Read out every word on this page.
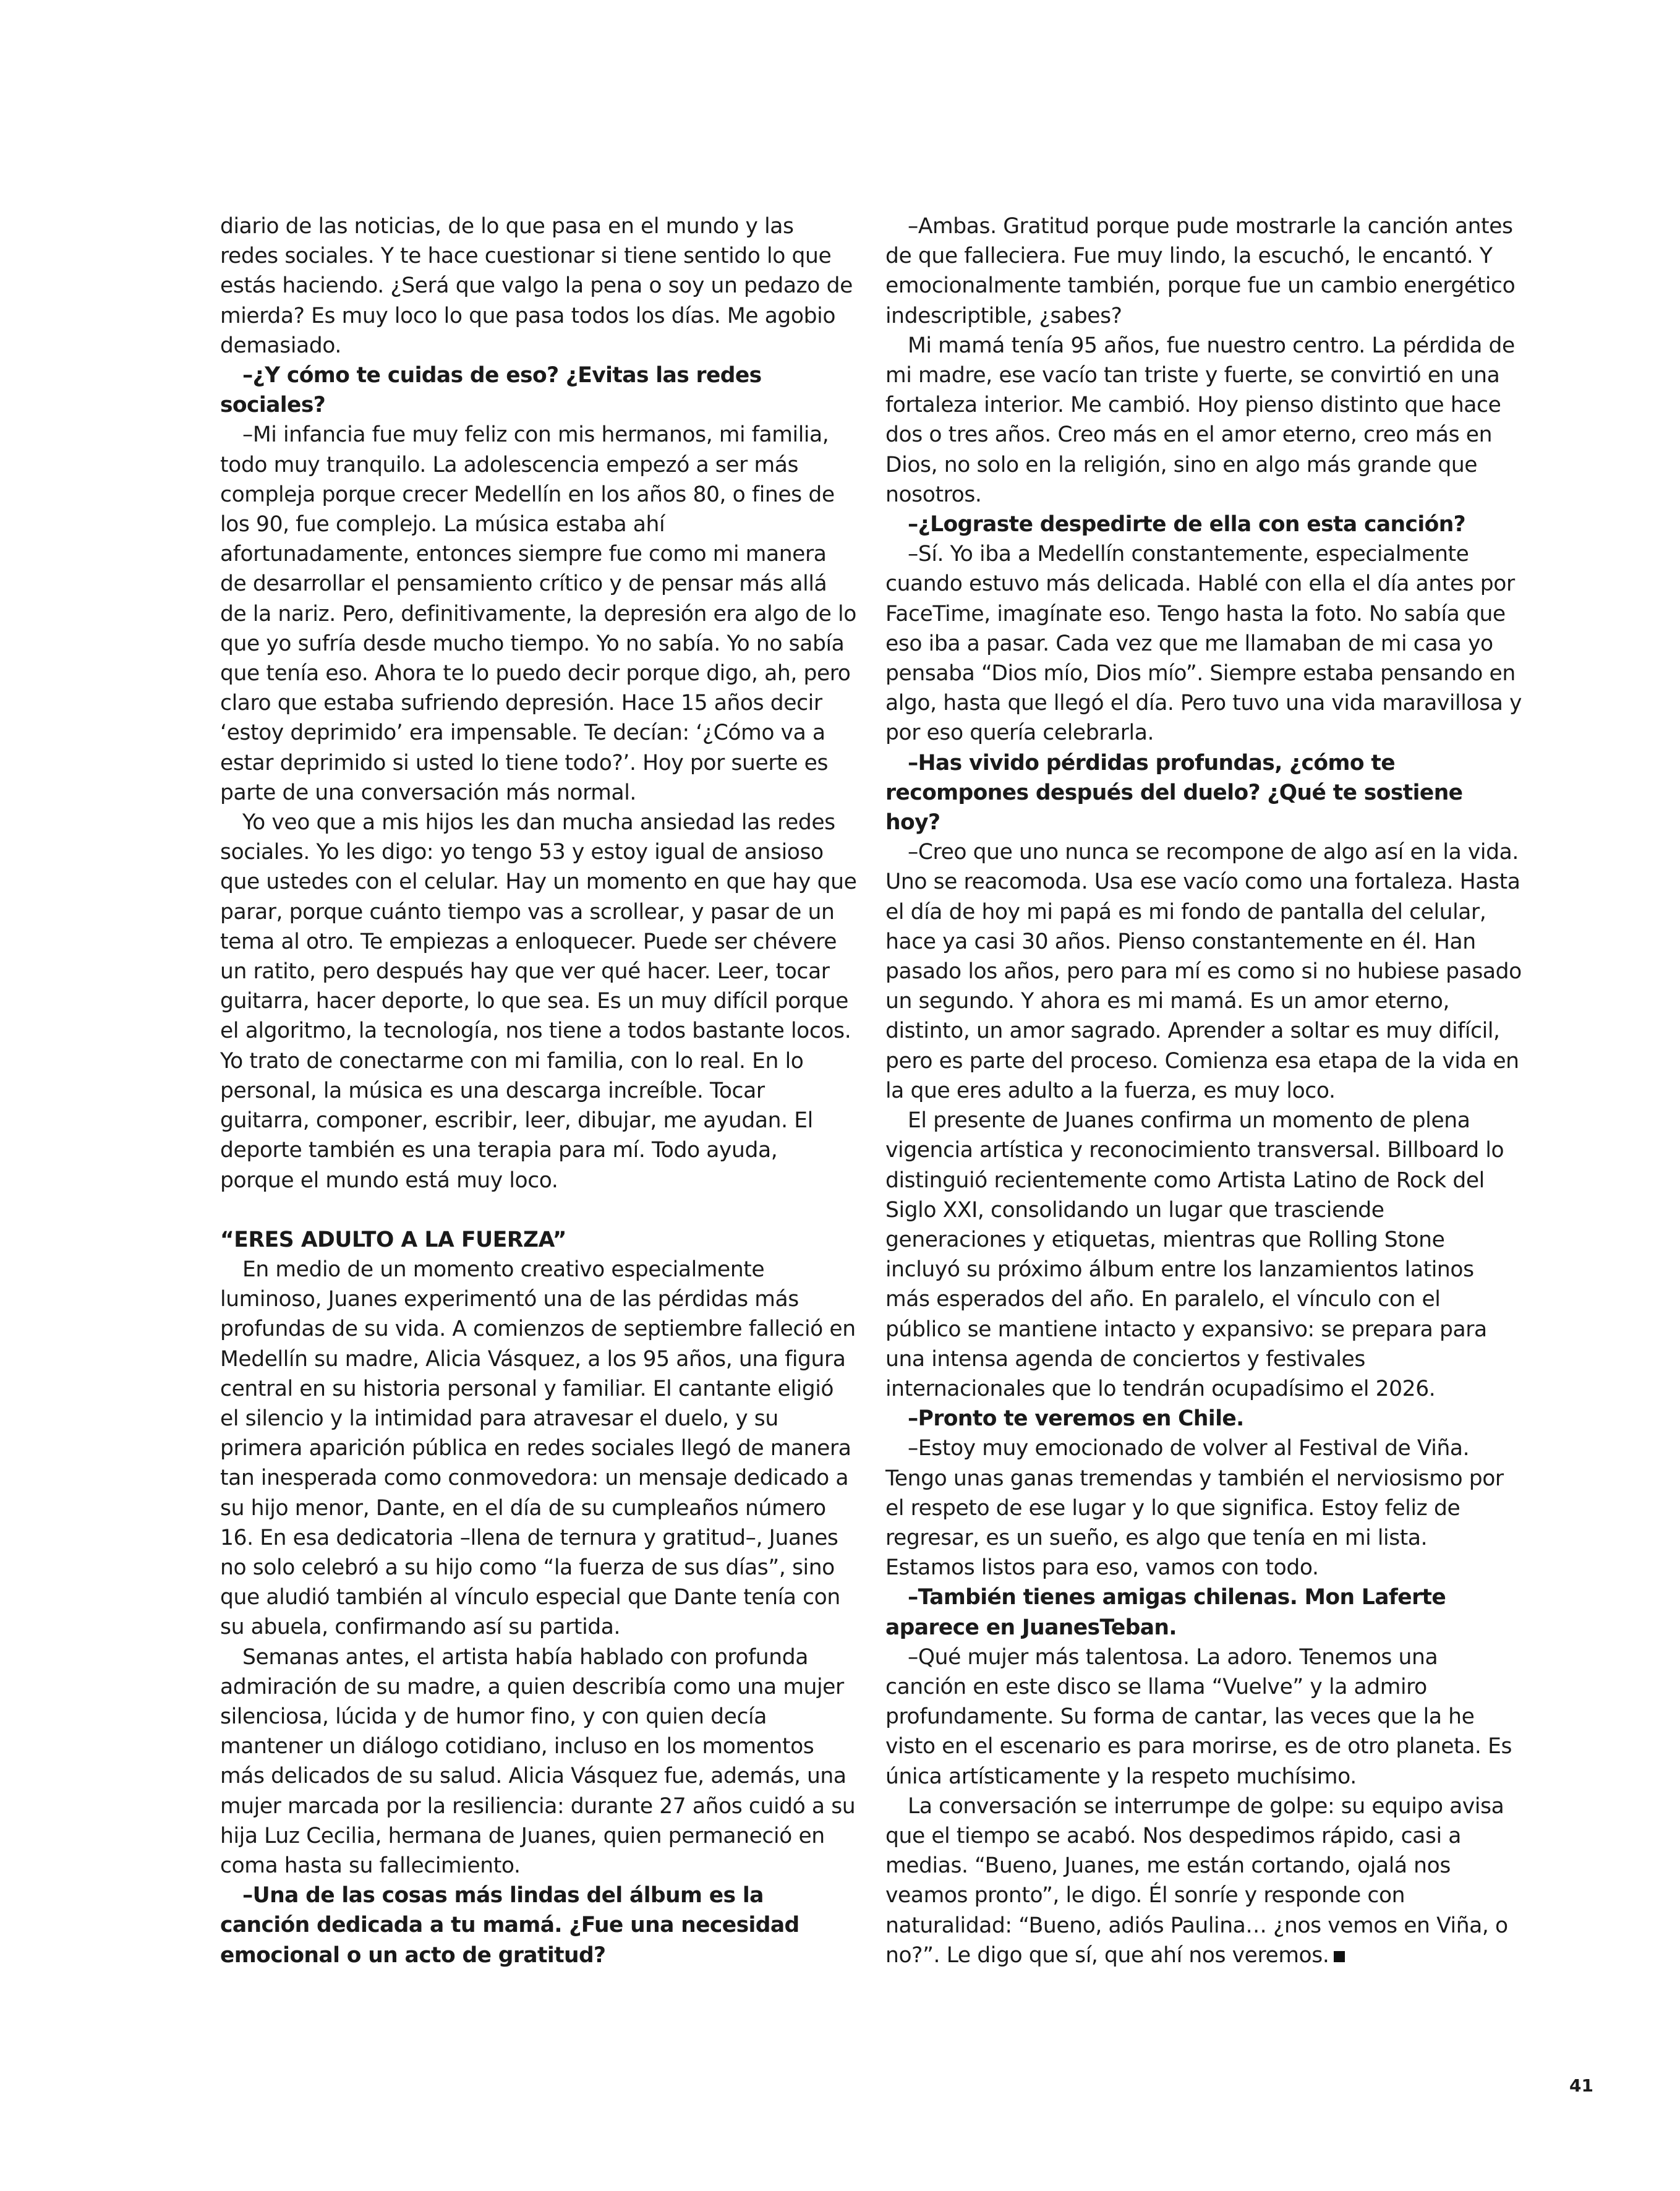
diario de las noticias, de lo que pasa en el mundo y las redes sociales. Y te hace cuestionar si tiene sentido lo que estás haciendo. ¿Será que valgo la pena o soy un pedazo de mierda? Es muy loco lo que pasa todos los días. Me agobio demasiado.

–¿Y cómo te cuidas de eso? ¿Evitas las redes sociales?

–Mi infancia fue muy feliz con mis hermanos, mi familia, todo muy tranquilo. La adolescencia empezó a ser más compleja porque crecer Medellín en los años 80, o fines de los 90, fue complejo. La música estaba ahí afortunadamente, entonces siempre fue como mi manera de desarrollar el pensamiento crítico y de pensar más allá de la nariz. Pero, definitivamente, la depresión era algo de lo que yo sufría desde mucho tiempo. Yo no sabía. Yo no sabía que tenía eso. Ahora te lo puedo decir porque digo, ah, pero claro que estaba sufriendo depresión. Hace 15 años decir ‘estoy deprimido’ era impensable. Te decían: ‘¿Cómo va a estar deprimido si usted lo tiene todo?’. Hoy por suerte es parte de una conversación más normal.

Yo veo que a mis hijos les dan mucha ansiedad las redes sociales. Yo les digo: yo tengo 53 y estoy igual de ansioso que ustedes con el celular. Hay un momento en que hay que parar, porque cuánto tiempo vas a scrollear, y pasar de un tema al otro. Te empiezas a enloquecer. Puede ser chévere un ratito, pero después hay que ver qué hacer. Leer, tocar guitarra, hacer deporte, lo que sea. Es un muy difícil porque el algoritmo, la tecnología, nos tiene a todos bastante locos. Yo trato de conectarme con mi familia, con lo real. En lo personal, la música es una descarga increíble. Tocar guitarra, componer, escribir, leer, dibujar, me ayudan. El deporte también es una terapia para mí. Todo ayuda, porque el mundo está muy loco.

“ERES ADULTO A LA FUERZA”

En medio de un momento creativo especialmente luminoso, Juanes experimentó una de las pérdidas más profundas de su vida. A comienzos de septiembre falleció en Medellín su madre, Alicia Vásquez, a los 95 años, una figura central en su historia personal y familiar. El cantante eligió el silencio y la intimidad para atravesar el duelo, y su primera aparición pública en redes sociales llegó de manera tan inesperada como conmovedora: un mensaje dedicado a su hijo menor, Dante, en el día de su cumpleaños número 16. En esa dedicatoria –llena de ternura y gratitud–, Juanes no solo celebró a su hijo como “la fuerza de sus días”, sino que aludió también al vínculo especial que Dante tenía con su abuela, confirmando así su partida.

Semanas antes, el artista había hablado con profunda admiración de su madre, a quien describía como una mujer silenciosa, lúcida y de humor fino, y con quien decía mantener un diálogo cotidiano, incluso en los momentos más delicados de su salud. Alicia Vásquez fue, además, una mujer marcada por la resiliencia: durante 27 años cuidó a su hija Luz Cecilia, hermana de Juanes, quien permaneció en coma hasta su fallecimiento.

–Una de las cosas más lindas del álbum es la canción dedicada a tu mamá. ¿Fue una necesidad emocional o un acto de gratitud?

–Ambas. Gratitud porque pude mostrarle la canción antes de que falleciera. Fue muy lindo, la escuchó, le encantó. Y emocionalmente también, porque fue un cambio energético indescriptible, ¿sabes?

Mi mamá tenía 95 años, fue nuestro centro. La pérdida de mi madre, ese vacío tan triste y fuerte, se convirtió en una fortaleza interior. Me cambió. Hoy pienso distinto que hace dos o tres años. Creo más en el amor eterno, creo más en Dios, no solo en la religión, sino en algo más grande que nosotros.

–¿Lograste despedirte de ella con esta canción?

–Sí. Yo iba a Medellín constantemente, especialmente cuando estuvo más delicada. Hablé con ella el día antes por FaceTime, imagínate eso. Tengo hasta la foto. No sabía que eso iba a pasar. Cada vez que me llamaban de mi casa yo pensaba “Dios mío, Dios mío”. Siempre estaba pensando en algo, hasta que llegó el día. Pero tuvo una vida maravillosa y por eso quería celebrarla.

–Has vivido pérdidas profundas, ¿cómo te recompones después del duelo? ¿Qué te sostiene hoy?

–Creo que uno nunca se recompone de algo así en la vida. Uno se reacomoda. Usa ese vacío como una fortaleza. Hasta el día de hoy mi papá es mi fondo de pantalla del celular, hace ya casi 30 años. Pienso constantemente en él. Han pasado los años, pero para mí es como si no hubiese pasado un segundo. Y ahora es mi mamá. Es un amor eterno, distinto, un amor sagrado. Aprender a soltar es muy difícil, pero es parte del proceso. Comienza esa etapa de la vida en la que eres adulto a la fuerza, es muy loco.

El presente de Juanes confirma un momento de plena vigencia artística y reconocimiento transversal. Billboard lo distinguió recientemente como Artista Latino de Rock del Siglo XXI, consolidando un lugar que trasciende generaciones y etiquetas, mientras que Rolling Stone incluyó su próximo álbum entre los lanzamientos latinos más esperados del año. En paralelo, el vínculo con el público se mantiene intacto y expansivo: se prepara para una intensa agenda de conciertos y festivales internacionales que lo tendrán ocupadísimo el 2026.

–Pronto te veremos en Chile.

–Estoy muy emocionado de volver al Festival de Viña. Tengo unas ganas tremendas y también el nerviosismo por el respeto de ese lugar y lo que significa. Estoy feliz de regresar, es un sueño, es algo que tenía en mi lista. Estamos listos para eso, vamos con todo.

–También tienes amigas chilenas. Mon Laferte aparece en JuanesTeban.

–Qué mujer más talentosa. La adoro. Tenemos una canción en este disco se llama “Vuelve” y la admiro profundamente. Su forma de cantar, las veces que la he visto en el escenario es para morirse, es de otro planeta. Es única artísticamente y la respeto muchísimo.

La conversación se interrumpe de golpe: su equipo avisa que el tiempo se acabó. Nos despedimos rápido, casi a medias. “Bueno, Juanes, me están cortando, ojalá nos veamos pronto”, le digo. Él sonríe y responde con naturalidad: “Bueno, adiós Paulina… ¿nos vemos en Viña, o no?”. Le digo que sí, que ahí nos veremos.

41
